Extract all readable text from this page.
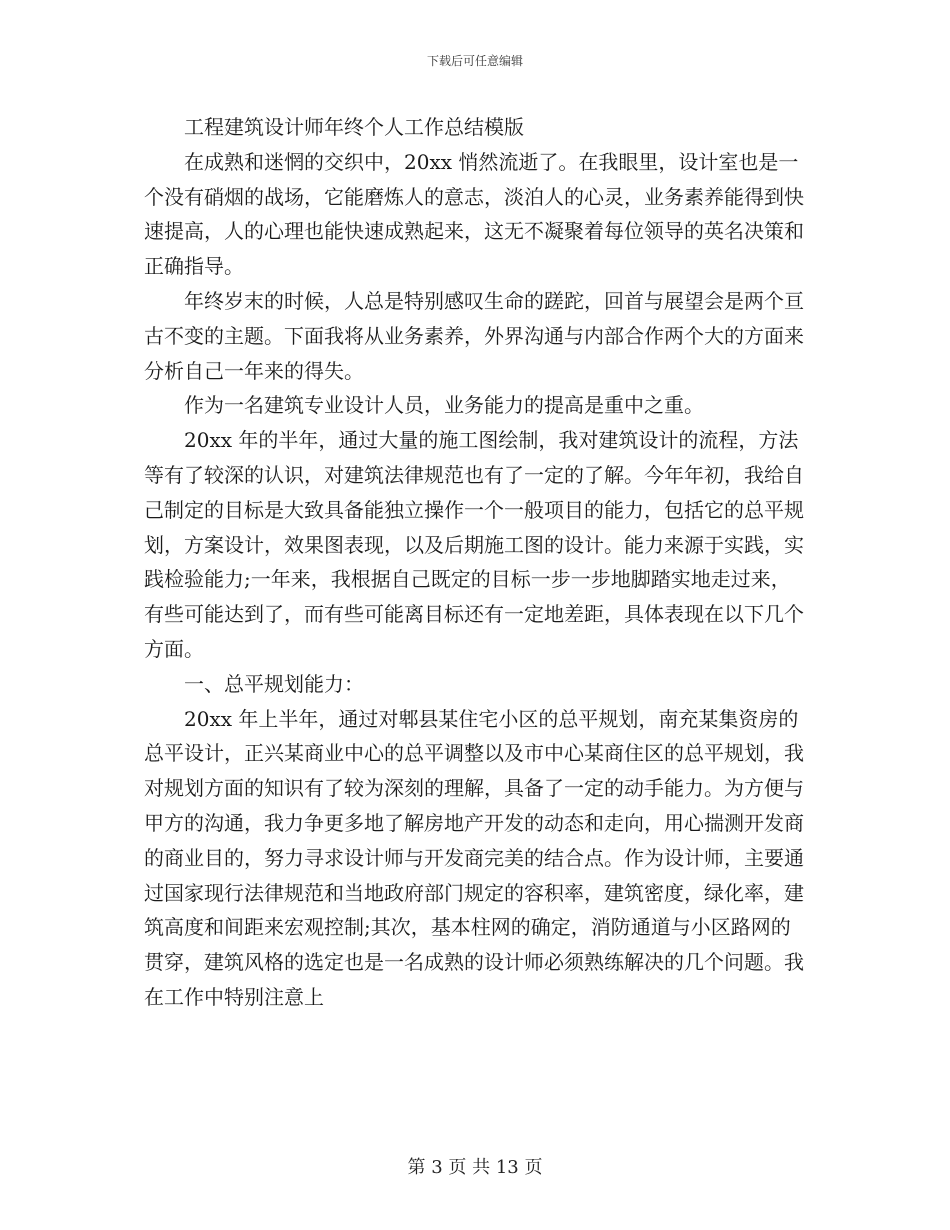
下载后可任意编辑

工程建筑设计师年终个人工作总结模版

在成熟和迷惘的交织中，20xx 悄然流逝了。在我眼里，设计室也是一个没有硝烟的战场，它能磨炼人的意志，淡泊人的心灵，业务素养能得到快速提高，人的心理也能快速成熟起来，这无不凝聚着每位领导的英名决策和正确指导。

年终岁末的时候，人总是特别感叹生命的蹉跎，回首与展望会是两个亘古不变的主题。下面我将从业务素养，外界沟通与内部合作两个大的方面来分析自己一年来的得失。

作为一名建筑专业设计人员，业务能力的提高是重中之重。

20xx 年的半年，通过大量的施工图绘制，我对建筑设计的流程，方法等有了较深的认识，对建筑法律规范也有了一定的了解。今年年初，我给自己制定的目标是大致具备能独立操作一个一般项目的能力，包括它的总平规划，方案设计，效果图表现，以及后期施工图的设计。能力来源于实践，实践检验能力;一年来，我根据自己既定的目标一步一步地脚踏实地走过来，有些可能达到了，而有些可能离目标还有一定地差距，具体表现在以下几个方面。

一、总平规划能力：

20xx 年上半年，通过对郫县某住宅小区的总平规划，南充某集资房的总平设计，正兴某商业中心的总平调整以及市中心某商住区的总平规划，我对规划方面的知识有了较为深刻的理解，具备了一定的动手能力。为方便与甲方的沟通，我力争更多地了解房地产开发的动态和走向，用心揣测开发商的商业目的，努力寻求设计师与开发商完美的结合点。作为设计师，主要通过国家现行法律规范和当地政府部门规定的容积率，建筑密度，绿化率，建筑高度和间距来宏观控制;其次，基本柱网的确定，消防通道与小区路网的贯穿，建筑风格的选定也是一名成熟的设计师必须熟练解决的几个问题。我在工作中特别注意上

第 3 页 共 13 页
